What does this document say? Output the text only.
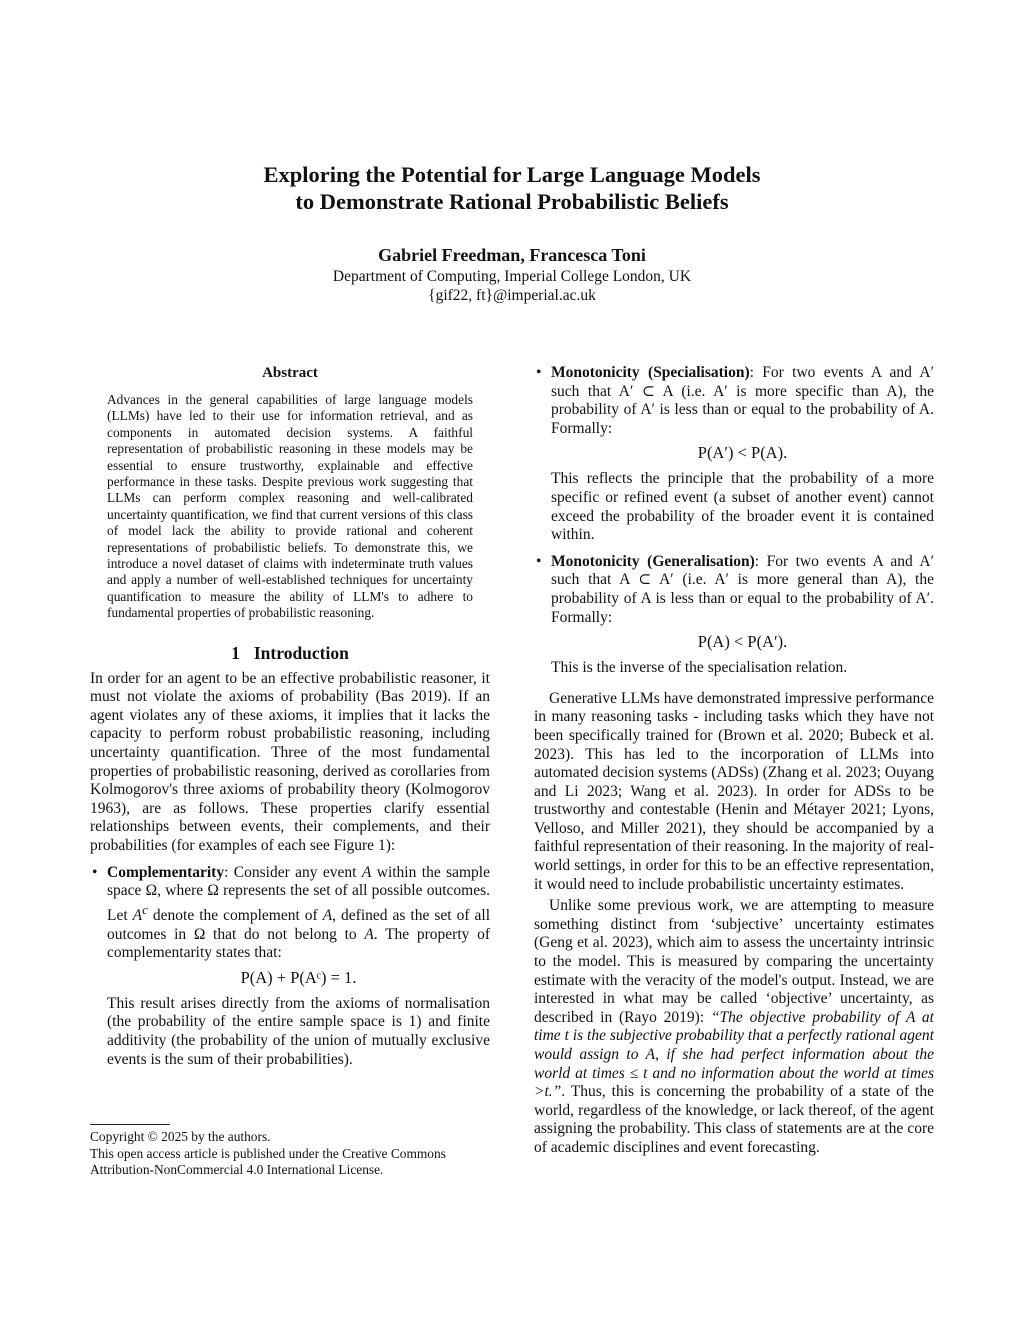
Exploring the Potential for Large Language Models
to Demonstrate Rational Probabilistic Beliefs

Gabriel Freedman, Francesca Toni

Department of Computing, Imperial College London, UK

{gif22, ft}@imperial.ac.uk

Abstract

Advances in the general capabilities of large language models (LLMs) have led to their use for information retrieval, and as components in automated decision systems. A faithful representation of probabilistic reasoning in these models may be essential to ensure trustworthy, explainable and effective performance in these tasks. Despite previous work suggesting that LLMs can perform complex reasoning and well-calibrated uncertainty quantification, we find that current versions of this class of model lack the ability to provide rational and coherent representations of probabilistic beliefs. To demonstrate this, we introduce a novel dataset of claims with indeterminate truth values and apply a number of well-established techniques for uncertainty quantification to measure the ability of LLM's to adhere to fundamental properties of probabilistic reasoning.

1 Introduction

In order for an agent to be an effective probabilistic reasoner, it must not violate the axioms of probability (Bas 2019). If an agent violates any of these axioms, it implies that it lacks the capacity to perform robust probabilistic reasoning, including uncertainty quantification. Three of the most fundamental properties of probabilistic reasoning, derived as corollaries from Kolmogorov's three axioms of probability theory (Kolmogorov 1963), are as follows. These properties clarify essential relationships between events, their complements, and their probabilities (for examples of each see Figure 1):

• Complementarity: Consider any event A within the sample space Ω, where Ω represents the set of all possible outcomes. Let $A^c$ denote the complement of A, defined as the set of all outcomes in Ω that do not belong to A. The property of complementarity states that:

P(A) + P(Aᶜ) = 1.

This result arises directly from the axioms of normalisation (the probability of the entire sample space is 1) and finite additivity (the probability of the union of mutually exclusive events is the sum of their probabilities).

• Monotonicity (Specialisation): For two events A and A′ such that A′ ⊂ A (i.e. A′ is more specific than A), the probability of A′ is less than or equal to the probability of A. Formally:

P(A′) < P(A).

This reflects the principle that the probability of a more specific or refined event (a subset of another event) cannot exceed the probability of the broader event it is contained within.

• Monotonicity (Generalisation): For two events A and A′ such that A ⊂ A′ (i.e. A′ is more general than A), the probability of A is less than or equal to the probability of A′. Formally:

P(A) < P(A′).

This is the inverse of the specialisation relation.

Generative LLMs have demonstrated impressive performance in many reasoning tasks - including tasks which they have not been specifically trained for (Brown et al. 2020; Bubeck et al. 2023). This has led to the incorporation of LLMs into automated decision systems (ADSs) (Zhang et al. 2023; Ouyang and Li 2023; Wang et al. 2023). In order for ADSs to be trustworthy and contestable (Henin and Métayer 2021; Lyons, Velloso, and Miller 2021), they should be accompanied by a faithful representation of their reasoning. In the majority of real-world settings, in order for this to be an effective representation, it would need to include probabilistic uncertainty estimates.

Unlike some previous work, we are attempting to measure something distinct from ‘subjective’ uncertainty estimates (Geng et al. 2023), which aim to assess the uncertainty intrinsic to the model. This is measured by comparing the uncertainty estimate with the veracity of the model's output. Instead, we are interested in what may be called ‘objective’ uncertainty, as described in (Rayo 2019): “The objective probability of A at time t is the subjective probability that a perfectly rational agent would assign to A, if she had perfect information about the world at times ≤ t and no information about the world at times >t.”. Thus, this is concerning the probability of a state of the world, regardless of the knowledge, or lack thereof, of the agent assigning the probability. This class of statements are at the core of academic disciplines and event forecasting.

Copyright © 2025 by the authors.
This open access article is published under the Creative Commons Attribution-NonCommercial 4.0 International License.
